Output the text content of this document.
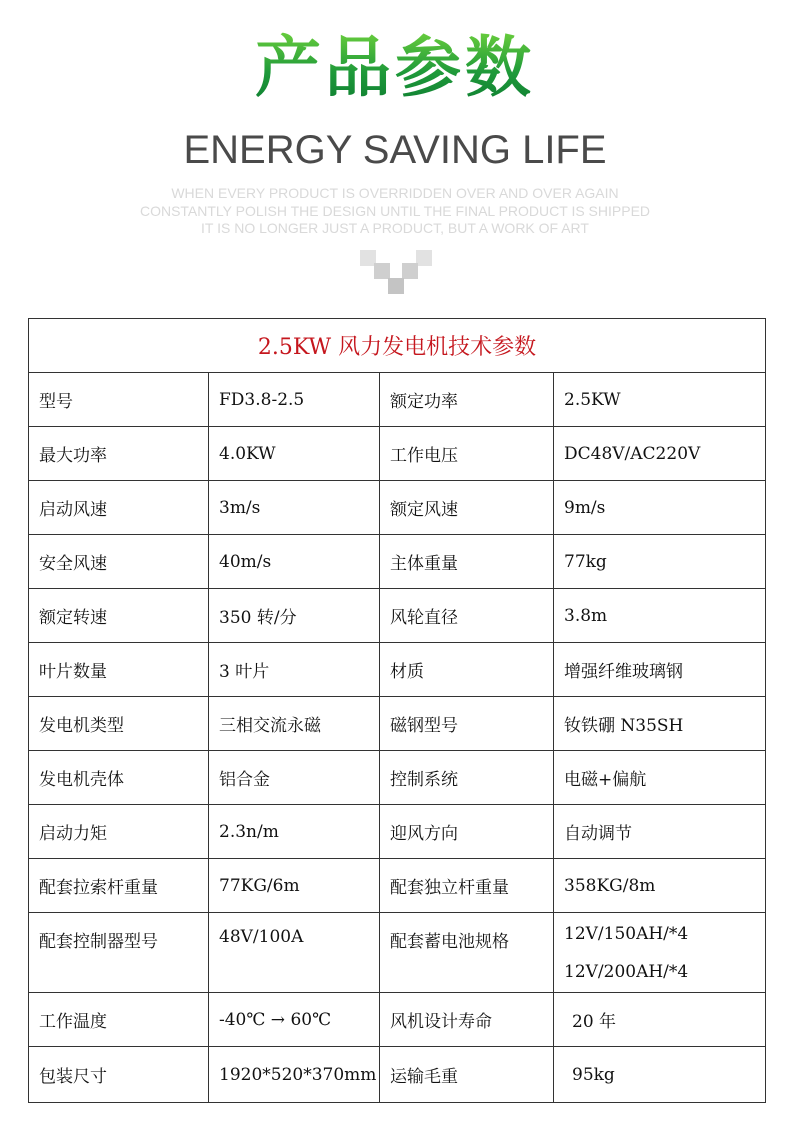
产品参数
ENERGY SAVING LIFE
WHEN EVERY PRODUCT IS OVERRIDDEN OVER AND OVER AGAIN
CONSTANTLY POLISH THE DESIGN UNTIL THE FINAL PRODUCT IS SHIPPED
IT IS NO LONGER JUST A PRODUCT, BUT A WORK OF ART
2.5KW 风力发电机技术参数			
型号	FD3.8-2.5	额定功率	2.5KW
最大功率	4.0KW	工作电压	DC48V/AC220V
启动风速	3m/s	额定风速	9m/s
安全风速	40m/s	主体重量	77kg
额定转速	350 转/分	风轮直径	3.8m
叶片数量	3 叶片	材质	增强纤维玻璃钢
发电机类型	三相交流永磁	磁钢型号	钕铁硼 N35SH
发电机壳体	铝合金	控制系统	电磁+偏航
启动力矩	2.3n/m	迎风方向	自动调节
配套拉索杆重量	77KG/6m	配套独立杆重量	358KG/8m
配套控制器型号	48V/100A	配套蓄电池规格	12V/150AH/*4
12V/200AH/*4

工作温度	-40℃ → 60℃	风机设计寿命	20 年
包装尺寸	1920*520*370mm	运输毛重	95kg
